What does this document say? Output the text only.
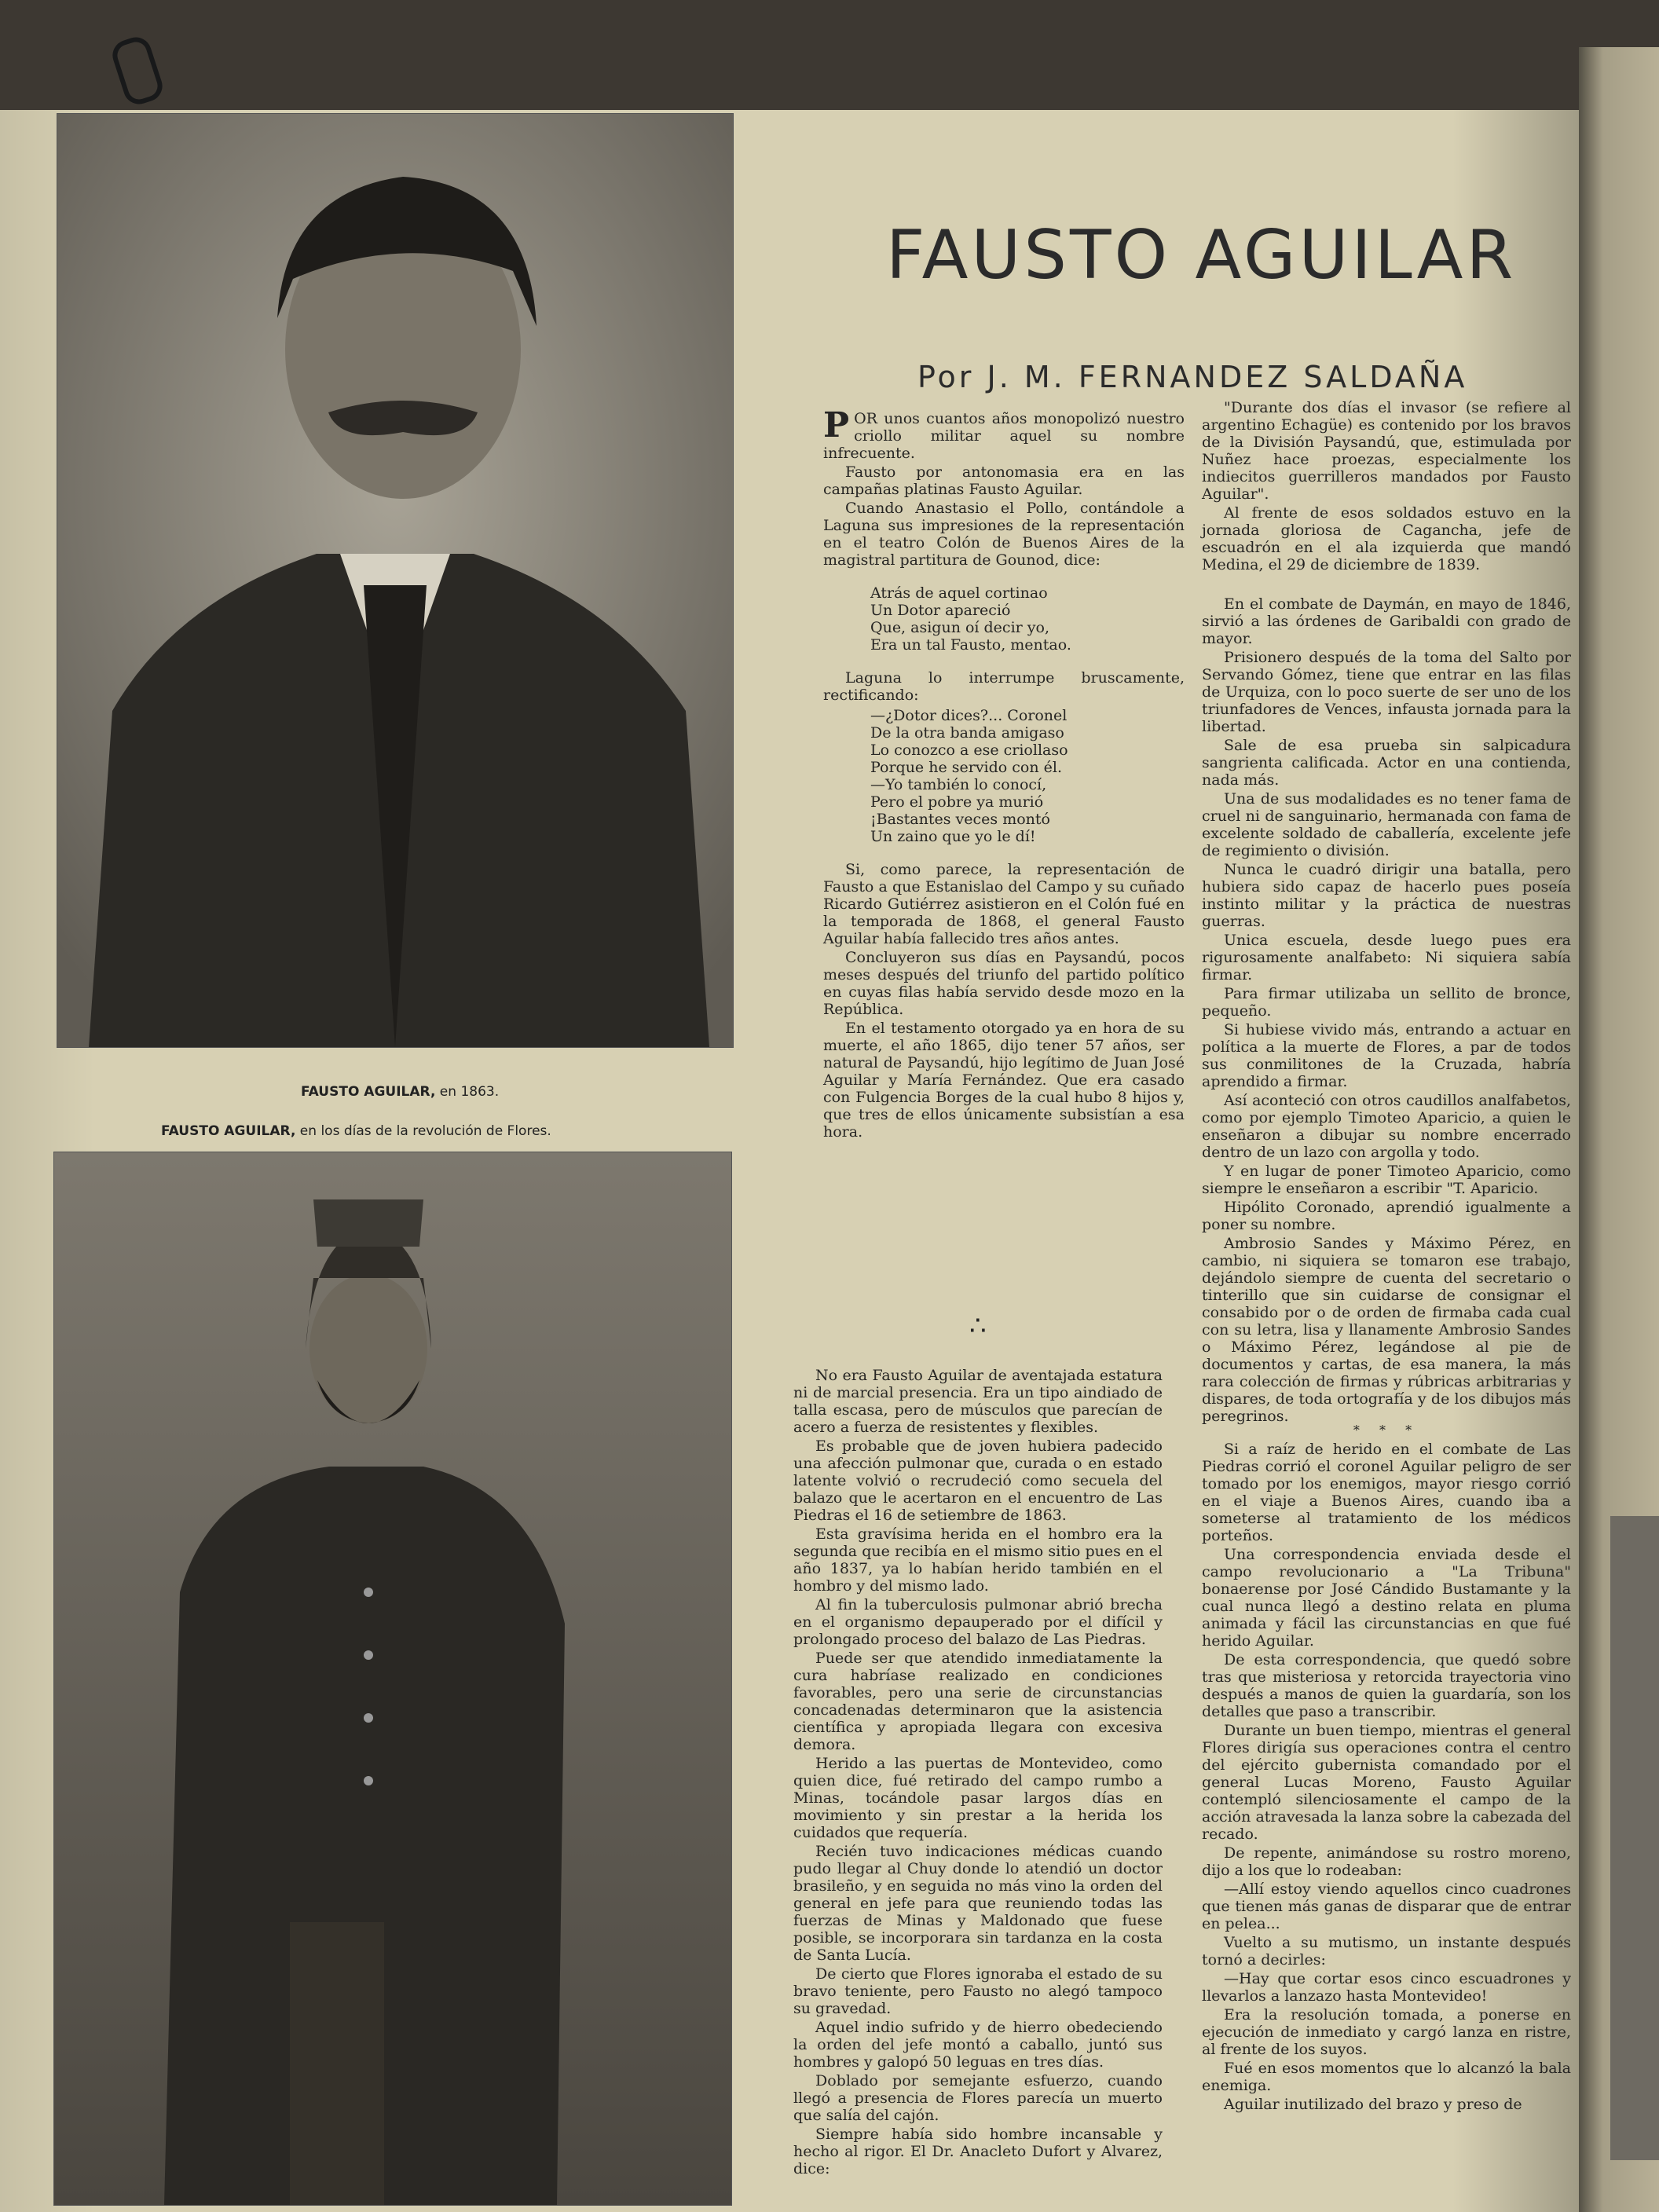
FAUSTO AGUILAR, en 1863.
FAUSTO AGUILAR, en los días de la revolución de Flores.
FAUSTO AGUILAR
Por J. M. FERNANDEZ SALDAÑA

POR unos cuantos años monopolizó nuestro criollo militar aquel su nombre infrecuente.

Fausto por antonomasia era en las campañas platinas Fausto Aguilar.

Cuando Anastasio el Pollo, contándole a Laguna sus impresiones de la representación en el teatro Colón de Buenos Aires de la magistral partitura de Gounod, dice:

Atrás de aquel cortinao
Un Dotor apareció
Que, asigun oí decir yo,
Era un tal Fausto, mentao.

Laguna lo interrumpe bruscamente, rectificando:

—¿Dotor dices?... Coronel
De la otra banda amigaso
Lo conozco a ese criollaso
Porque he servido con él.
—Yo también lo conocí,
Pero el pobre ya murió
¡Bastantes veces montó
Un zaino que yo le dí!

Si, como parece, la representación de Fausto a que Estanislao del Campo y su cuñado Ricardo Gutiérrez asistieron en el Colón fué en la temporada de 1868, el general Fausto Aguilar había fallecido tres años antes.

Concluyeron sus días en Paysandú, pocos meses después del triunfo del partido político en cuyas filas había servido desde mozo en la República.

En el testamento otorgado ya en hora de su muerte, el año 1865, dijo tener 57 años, ser natural de Paysandú, hijo legítimo de Juan José Aguilar y María Fernández. Que era casado con Fulgencia Borges de la cual hubo 8 hijos y, que tres de ellos únicamente subsistían a esa hora.

∴

No era Fausto Aguilar de aventajada estatura ni de marcial presencia. Era un tipo aindiado de talla escasa, pero de músculos que parecían de acero a fuerza de resistentes y flexibles.

Es probable que de joven hubiera padecido una afección pulmonar que, curada o en estado latente volvió o recrudeció como secuela del balazo que le acertaron en el encuentro de Las Piedras el 16 de setiembre de 1863.

Esta gravísima herida en el hombro era la segunda que recibía en el mismo sitio pues en el año 1837, ya lo habían herido también en el hombro y del mismo lado.

Al fin la tuberculosis pulmonar abrió brecha en el organismo depauperado por el difícil y prolongado proceso del balazo de Las Piedras.

Puede ser que atendido inmediatamente la cura habríase realizado en condiciones favorables, pero una serie de circunstancias concadenadas determinaron que la asistencia científica y apropiada llegara con excesiva demora.

Herido a las puertas de Montevideo, como quien dice, fué retirado del campo rumbo a Minas, tocándole pasar largos días en movimiento y sin prestar a la herida los cuidados que requería.

Recién tuvo indicaciones médicas cuando pudo llegar al Chuy donde lo atendió un doctor brasileño, y en seguida no más vino la orden del general en jefe para que reuniendo todas las fuerzas de Minas y Maldonado que fuese posible, se incorporara sin tardanza en la costa de Santa Lucía.

De cierto que Flores ignoraba el estado de su bravo teniente, pero Fausto no alegó tampoco su gravedad.

Aquel indio sufrido y de hierro obedeciendo la orden del jefe montó a caballo, juntó sus hombres y galopó 50 leguas en tres días.

Doblado por semejante esfuerzo, cuando llegó a presencia de Flores parecía un muerto que salía del cajón.

Siempre había sido hombre incansable y hecho al rigor. El Dr. Anacleto Dufort y Alvarez, dice:

"Durante dos días el invasor (se refiere al argentino Echagüe) es contenido por los bravos de la División Paysandú, que, estimulada por Nuñez hace proezas, especialmente los indiecitos guerrilleros mandados por Fausto Aguilar".

Al frente de esos soldados estuvo en la jornada gloriosa de Cagancha, jefe de escuadrón en el ala izquierda que mandó Medina, el 29 de diciembre de 1839.

En el combate de Daymán, en mayo de 1846, sirvió a las órdenes de Garibaldi con grado de mayor.

Prisionero después de la toma del Salto por Servando Gómez, tiene que entrar en las filas de Urquiza, con lo poco suerte de ser uno de los triunfadores de Vences, infausta jornada para la libertad.

Sale de esa prueba sin salpicadura sangrienta calificada. Actor en una contienda, nada más.

Una de sus modalidades es no tener fama de cruel ni de sanguinario, hermanada con fama de excelente soldado de caballería, excelente jefe de regimiento o división.

Nunca le cuadró dirigir una batalla, pero hubiera sido capaz de hacerlo pues poseía instinto militar y la práctica de nuestras guerras.

Unica escuela, desde luego pues era rigurosamente analfabeto: Ni siquiera sabía firmar.

Para firmar utilizaba un sellito de bronce, pequeño.

Si hubiese vivido más, entrando a actuar en política a la muerte de Flores, a par de todos sus conmilitones de la Cruzada, habría aprendido a firmar.

Así aconteció con otros caudillos analfabetos, como por ejemplo Timoteo Aparicio, a quien le enseñaron a dibujar su nombre encerrado dentro de un lazo con argolla y todo.

Y en lugar de poner Timoteo Aparicio, como siempre le enseñaron a escribir "T. Aparicio.

Hipólito Coronado, aprendió igualmente a poner su nombre.

Ambrosio Sandes y Máximo Pérez, en cambio, ni siquiera se tomaron ese trabajo, dejándolo siempre de cuenta del secretario o tinterillo que sin cuidarse de consignar el consabido por o de orden de firmaba cada cual con su letra, lisa y llanamente Ambrosio Sandes o Máximo Pérez, legándose al pie de documentos y cartas, de esa manera, la más rara colección de firmas y rúbricas arbitrarias y dispares, de toda ortografía y de los dibujos más peregrinos.

* * *

Si a raíz de herido en el combate de Las Piedras corrió el coronel Aguilar peligro de ser tomado por los enemigos, mayor riesgo corrió en el viaje a Buenos Aires, cuando iba a someterse al tratamiento de los médicos porteños.

Una correspondencia enviada desde el campo revolucionario a "La Tribuna" bonaerense por José Cándido Bustamante y la cual nunca llegó a destino relata en pluma animada y fácil las circunstancias en que fué herido Aguilar.

De esta correspondencia, que quedó sobre tras que misteriosa y retorcida trayectoria vino después a manos de quien la guardaría, son los detalles que paso a transcribir.

Durante un buen tiempo, mientras el general Flores dirigía sus operaciones contra el centro del ejército gubernista comandado por el general Lucas Moreno, Fausto Aguilar contempló silenciosamente el campo de la acción atravesada la lanza sobre la cabezada del recado.

De repente, animándose su rostro moreno, dijo a los que lo rodeaban:

—Allí estoy viendo aquellos cinco cuadrones que tienen más ganas de disparar que de entrar en pelea...

Vuelto a su mutismo, un instante después tornó a decirles:

—Hay que cortar esos cinco escuadrones y llevarlos a lanzazo hasta Montevideo!

Era la resolución tomada, a ponerse en ejecución de inmediato y cargó lanza en ristre, al frente de los suyos.

Fué en esos momentos que lo alcanzó la bala enemiga.

Aguilar inutilizado del brazo y preso de
